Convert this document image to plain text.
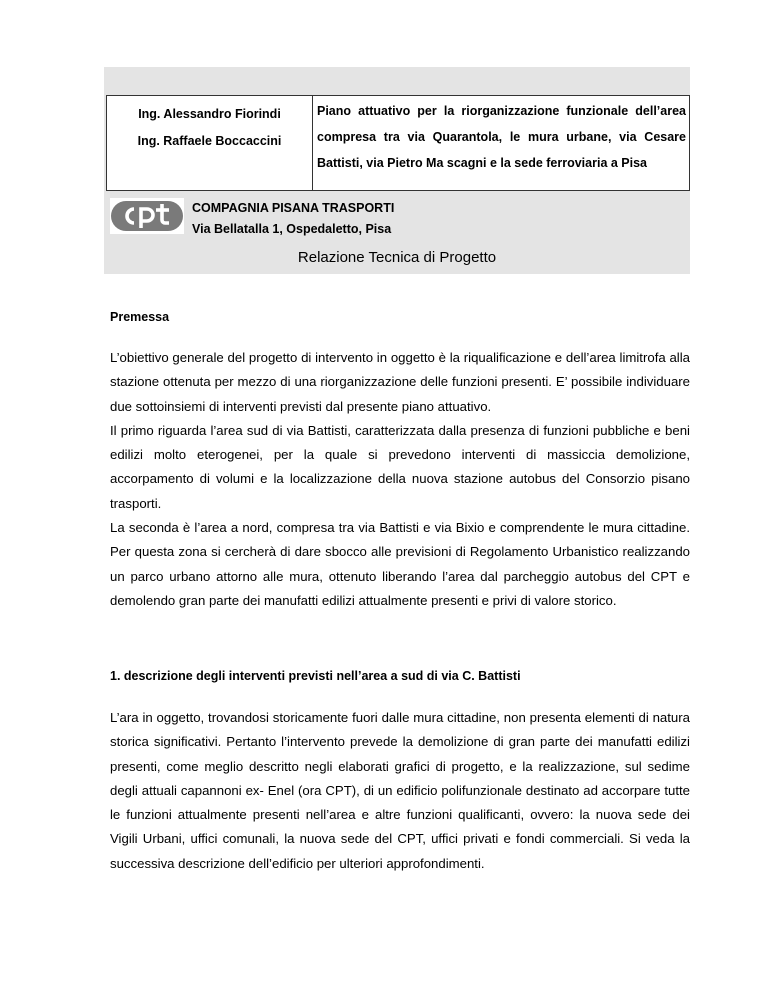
Ing. Alessandro Fiorindi
Ing. Raffaele Boccaccini
Piano attuativo per la riorganizzazione funzionale dell’area compresa tra via Quarantola, le mura urbane, via Cesare Battisti, via Pietro Ma scagni e la sede ferroviaria a Pisa
COMPAGNIA PISANA TRASPORTI
Via Bellatalla 1, Ospedaletto, Pisa
Relazione Tecnica di Progetto
Premessa

L’obiettivo generale del progetto di intervento in oggetto è la riqualificazione e dell’area limitrofa alla stazione ottenuta per mezzo di una riorganizzazione delle funzioni presenti. E’ possibile individuare due sottoinsiemi di interventi previsti dal presente piano attuativo.

Il primo riguarda l’area sud di via Battisti, caratterizzata dalla presenza di funzioni pubbliche e beni edilizi molto eterogenei, per la quale si prevedono interventi di massiccia demolizione, accorpamento di volumi e la localizzazione della nuova stazione autobus del Consorzio pisano trasporti.

La seconda è l’area a nord, compresa tra via Battisti e via Bixio e comprendente le mura cittadine. Per questa zona si cercherà di dare sbocco alle previsioni di Regolamento Urbanistico realizzando un parco urbano attorno alle mura, ottenuto liberando l’area dal parcheggio autobus del CPT e demolendo gran parte dei manufatti edilizi attualmente presenti e privi di valore storico.

1. descrizione degli interventi previsti nell’area a sud di via C. Battisti

L’ara in oggetto, trovandosi storicamente fuori dalle mura cittadine, non presenta elementi di natura storica significativi. Pertanto l’intervento prevede la demolizione di gran parte dei manufatti edilizi presenti, come meglio descritto negli elaborati grafici di progetto, e la realizzazione, sul sedime degli attuali capannoni ex- Enel (ora CPT), di un edificio polifunzionale destinato ad accorpare tutte le funzioni attualmente presenti nell’area e altre funzioni qualificanti, ovvero: la nuova sede dei Vigili Urbani, uffici comunali, la nuova sede del CPT, uffici privati e fondi commerciali. Si veda la successiva descrizione dell’edificio per ulteriori approfondimenti.
